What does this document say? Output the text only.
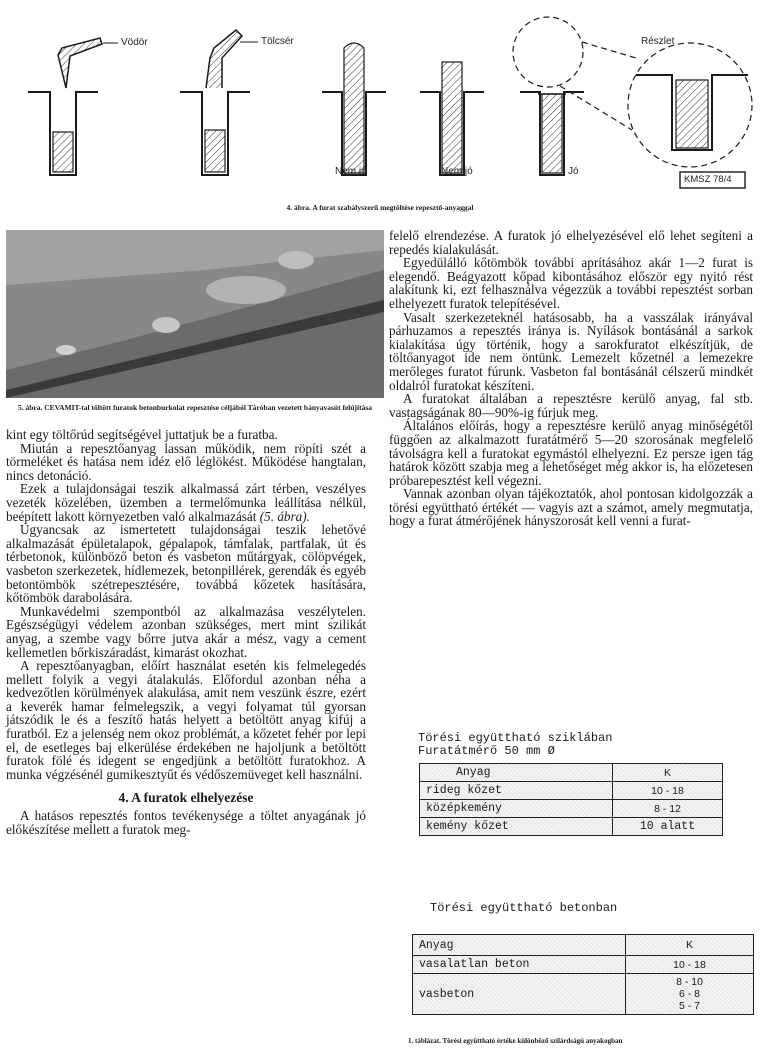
Vödör	Tölcsér	Részlet
Nem jó	Nem jó	Jó
KMSZ 78/4
4. ábra. A furat szabályszerű megtöltése repesztő-anyaggal
5. ábra. CEVAMIT-tal töltött furatok betonburkolat repesztése céljából Táróban vezetett bányavasút felújítása

kint egy töltőrúd segítségével juttatjuk be a furatba.

Miután a repesztőanyag lassan működik, nem röpíti szét a törmeléket és hatása nem idéz elő léglökést. Működése hangtalan, nincs detonáció.

Ezek a tulajdonságai teszik alkalmassá zárt térben, veszélyes vezeték közelében, üzemben a termelőmunka leállítása nélkül, beépített lakott környezetben való alkalmazását (5. ábra).

Ugyancsak az ismertetett tulajdonságai teszik lehetővé alkalmazását épületalapok, gépalapok, támfalak, partfalak, út és térbetonok, különböző beton és vasbeton műtárgyak, cölöpvégek, vasbeton szerkezetek, hídlemezek, betonpillérek, gerendák és egyéb betontömbök szétrepesztésére, továbbá kőzetek hasítására, kőtömbök darabolására.

Munkavédelmi szempontból az alkalmazása veszélytelen. Egészségügyi védelem azonban szükséges, mert mint szilikát anyag, a szembe vagy bőrre jutva akár a mész, vagy a cement kellemetlen bőrkiszáradást, kimarást okozhat.

A repesztőanyagban, előírt használat esetén kis felmelegedés mellett folyik a vegyi átalakulás. Előfordul azonban néha a kedvezőtlen körülmények alakulása, amit nem veszünk észre, ezért a keverék hamar felmelegszik, a vegyi folyamat túl gyorsan játszódik le és a feszítő hatás helyett a betöltött anyag kifúj a furatból. Ez a jelenség nem okoz problémát, a kőzetet fehér por lepi el, de esetleges baj elkerülése érdekében ne hajoljunk a betöltött furatok fölé és idegent se engedjünk a betöltött furatokhoz. A munka végzésénél gumikesztyűt és védőszemüveget kell használni.

4. A furatok elhelyezése

A hatásos repesztés fontos tevékenysége a töltet anyagának jó előkészítése mellett a furatok meg-

felelő elrendezése. A furatok jó elhelyezésével elő lehet segíteni a repedés kialakulását.

Egyedülálló kőtömbök további aprításához akár 1—2 furat is elegendő. Beágyazott kőpad kibontásához először egy nyitó rést alakítunk ki, ezt felhasználva végezzük a további repesztést sorban elhelyezett furatok telepítésével.

Vasalt szerkezeteknél hatásosabb, ha a vasszálak irányával párhuzamos a repesztés iránya is. Nyílások bontásánál a sarkok kialakítása úgy történik, hogy a sarokfuratot elkészítjük, de töltőanyagot ide nem öntünk. Lemezelt kőzetnél a lemezekre merőleges furatot fúrunk. Vasbeton fal bontásánál célszerű mindkét oldalról furatokat készíteni.

A furatokat általában a repesztésre kerülő anyag, fal stb. vastagságának 80—90%-ig fúrjuk meg.

Általános előírás, hogy a repesztésre kerülő anyag minőségétől függően az alkalmazott furatátmérő 5—20 szorosának megfelelő távolságra kell a furatokat egymástól elhelyezni. Ez persze igen tág határok között szabja meg a lehetőséget még akkor is, ha előzetesen próbarepesztést kell végezni.

Vannak azonban olyan tájékoztatók, ahol pontosan kidolgozzák a törési együttható értékét — vagyis azt a számot, amely megmutatja, hogy a furat átmérőjének hányszorosát kell venni a furat-

Törési együttható sziklában
Furatátmérő 50 mm Ø
Anyag	K
rideg kőzet	10 - 18
középkemény	8 - 12
kemény kőzet	10 alatt
Törési együttható betonban
Anyag	K
vasalatlan beton	10 - 18
vasbeton	8 - 10
6 - 8
5 - 7
1. táblázat. Törési együttható értéke különböző szilárdságú anyakogban
